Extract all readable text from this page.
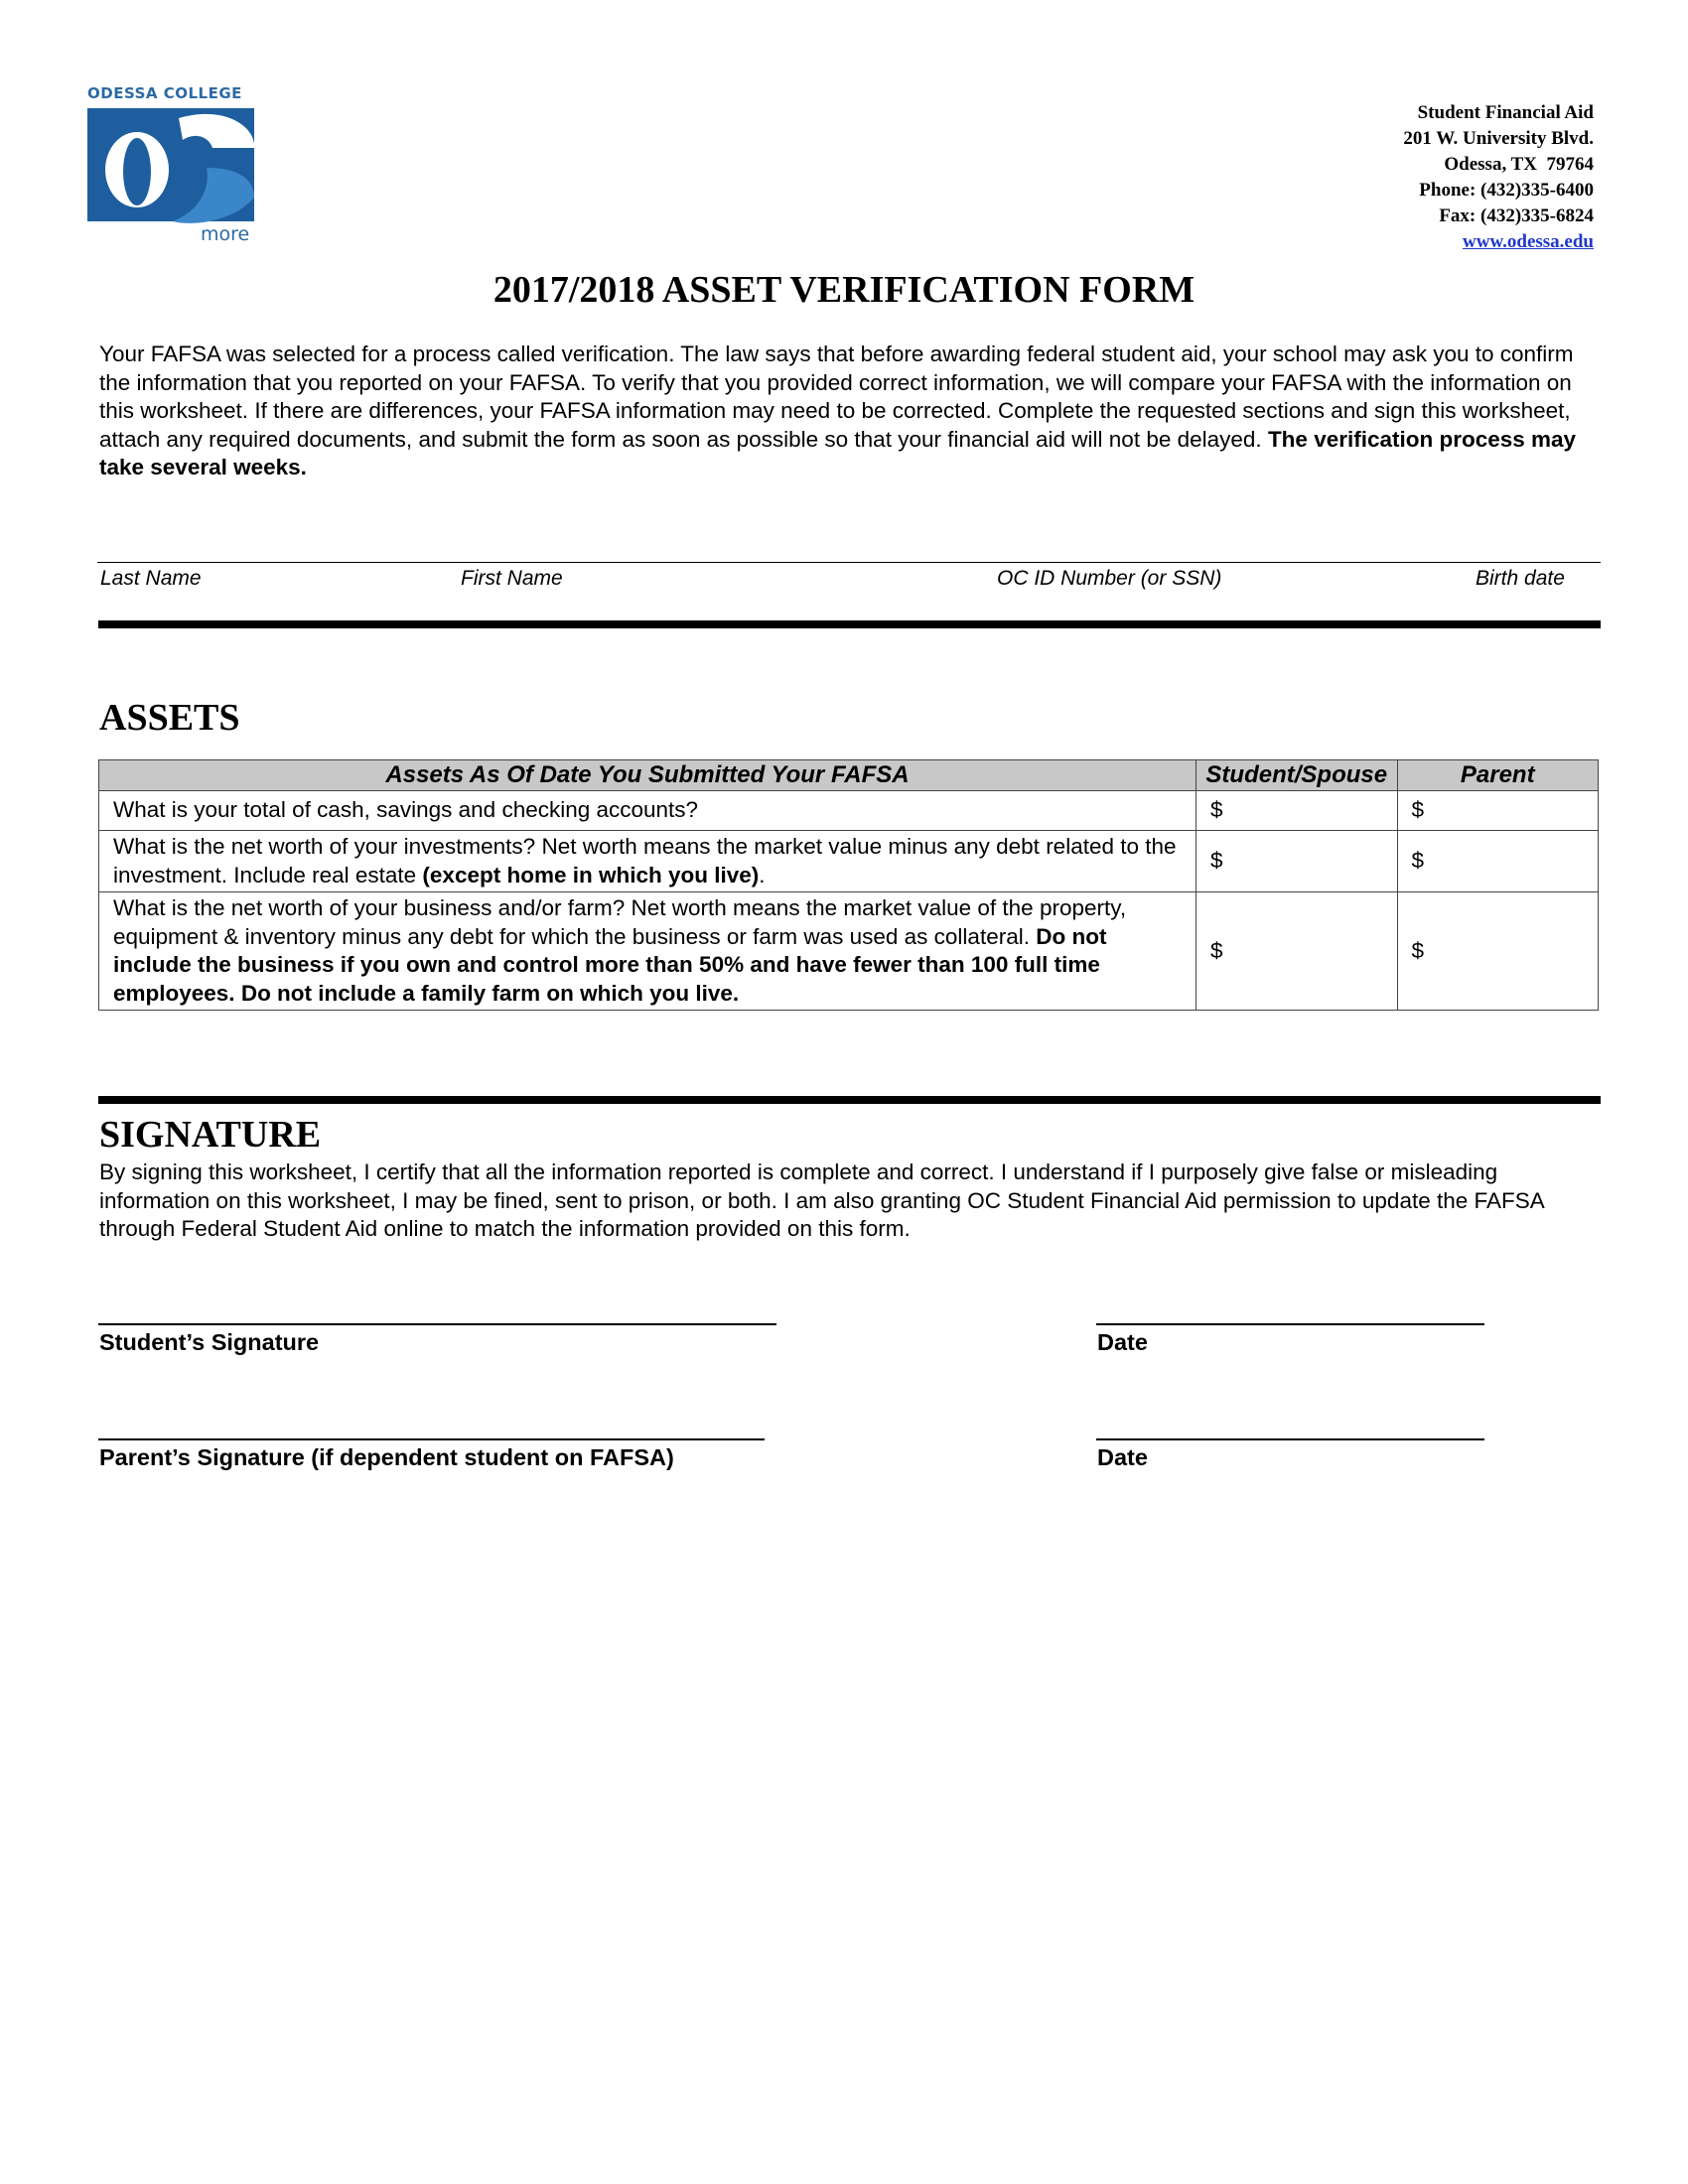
ODESSA COLLEGE
more
Student Financial Aid
201 W. University Blvd.
Odessa, TX  79764
Phone: (432)335-6400
Fax: (432)335-6824
www.odessa.edu
2017/2018 ASSET VERIFICATION FORM
Your FAFSA was selected for a process called verification. The law says that before awarding federal student aid, your school may ask you to confirm the information that you reported on your FAFSA. To verify that you provided correct information, we will compare your FAFSA with the information on this worksheet. If there are differences, your FAFSA information may need to be corrected. Complete the requested sections and sign this worksheet, attach any required documents, and submit the form as soon as possible so that your financial aid will not be delayed. The verification process may take several weeks.
Last Name	First Name	OC ID Number (or SSN)	Birth date
ASSETS
Assets As Of Date You Submitted Your FAFSA	Student/Spouse	Parent
What is your total of cash, savings and checking accounts?	$	$
What is the net worth of your investments? Net worth means the market value minus any debt related to the investment. Include real estate (except home in which you live).	$	$
What is the net worth of your business and/or farm? Net worth means the market value of the property, equipment & inventory minus any debt for which the business or farm was used as collateral. Do not include the business if you own and control more than 50% and have fewer than 100 full time employees. Do not include a family farm on which you live.	$	$
SIGNATURE
By signing this worksheet, I certify that all the information reported is complete and correct. I understand if I purposely give false or misleading information on this worksheet, I may be fined, sent to prison, or both. I am also granting OC Student Financial Aid permission to update the FAFSA through Federal Student Aid online to match the information provided on this form.
Student’s Signature	Date
Parent’s Signature (if dependent student on FAFSA)	Date
